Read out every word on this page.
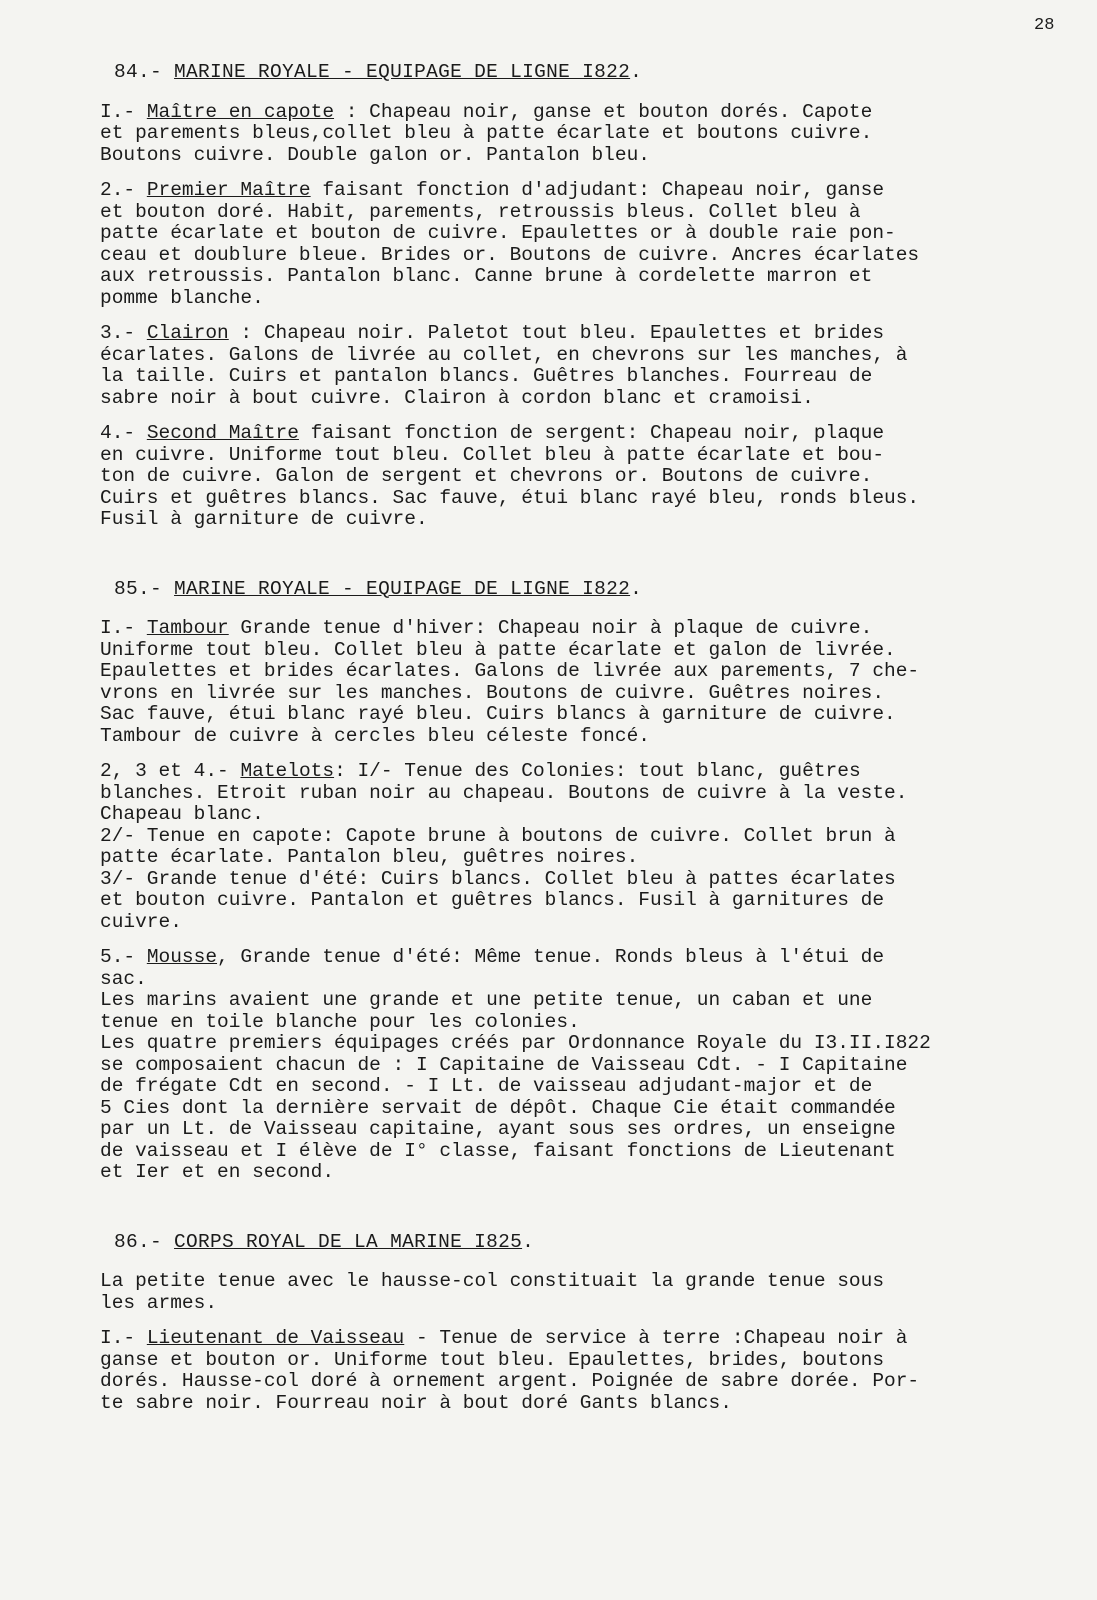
28
84.- MARINE ROYALE - EQUIPAGE DE LIGNE I822.

I.- Maître en capote : Chapeau noir, ganse et bouton dorés. Capote
et parements bleus,collet bleu à patte écarlate et boutons cuivre.
Boutons cuivre. Double galon or. Pantalon bleu.

2.- Premier Maître faisant fonction d'adjudant: Chapeau noir, ganse
et bouton doré. Habit, parements, retroussis bleus. Collet bleu à
patte écarlate et bouton de cuivre. Epaulettes or à double raie pon-
ceau et doublure bleue. Brides or. Boutons de cuivre. Ancres écarlates
aux retroussis. Pantalon blanc. Canne brune à cordelette marron et
pomme blanche.

3.- Clairon : Chapeau noir. Paletot tout bleu. Epaulettes et brides
écarlates. Galons de livrée au collet, en chevrons sur les manches, à
la taille. Cuirs et pantalon blancs. Guêtres blanches. Fourreau de
sabre noir à bout cuivre. Clairon à cordon blanc et cramoisi.

4.- Second Maître faisant fonction de sergent: Chapeau noir, plaque
en cuivre. Uniforme tout bleu. Collet bleu à patte écarlate et bou-
ton de cuivre. Galon de sergent et chevrons or. Boutons de cuivre.
Cuirs et guêtres blancs. Sac fauve, étui blanc rayé bleu, ronds bleus.
Fusil à garniture de cuivre.

85.- MARINE ROYALE - EQUIPAGE DE LIGNE I822.

I.- Tambour Grande tenue d'hiver: Chapeau noir à plaque de cuivre.
Uniforme tout bleu. Collet bleu à patte écarlate et galon de livrée.
Epaulettes et brides écarlates. Galons de livrée aux parements, 7 che-
vrons en livrée sur les manches. Boutons de cuivre. Guêtres noires.
Sac fauve, étui blanc rayé bleu. Cuirs blancs à garniture de cuivre.
Tambour de cuivre à cercles bleu céleste foncé.

2, 3 et 4.- Matelots: I/- Tenue des Colonies: tout blanc, guêtres
blanches. Etroit ruban noir au chapeau. Boutons de cuivre à la veste.
Chapeau blanc.
2/- Tenue en capote: Capote brune à boutons de cuivre. Collet brun à
patte écarlate. Pantalon bleu, guêtres noires.
3/- Grande tenue d'été: Cuirs blancs. Collet bleu à pattes écarlates
et bouton cuivre. Pantalon et guêtres blancs. Fusil à garnitures de
cuivre.

5.- Mousse, Grande tenue d'été: Même tenue. Ronds bleus à l'étui de
sac.
Les marins avaient une grande et une petite tenue, un caban et une
tenue en toile blanche pour les colonies.
Les quatre premiers équipages créés par Ordonnance Royale du I3.II.I822
se composaient chacun de : I Capitaine de Vaisseau Cdt. - I Capitaine
de frégate Cdt en second. - I Lt. de vaisseau adjudant-major et de
5 Cies dont la dernière servait de dépôt. Chaque Cie était commandée
par un Lt. de Vaisseau capitaine, ayant sous ses ordres, un enseigne
de vaisseau et I élève de I° classe, faisant fonctions de Lieutenant
et Ier et en second.

86.- CORPS ROYAL DE LA MARINE I825.

La petite tenue avec le hausse-col constituait la grande tenue sous
les armes.

I.- Lieutenant de Vaisseau - Tenue de service à terre :Chapeau noir à
ganse et bouton or. Uniforme tout bleu. Epaulettes, brides, boutons
dorés. Hausse-col doré à ornement argent. Poignée de sabre dorée. Por-
te sabre noir. Fourreau noir à bout doré Gants blancs.
